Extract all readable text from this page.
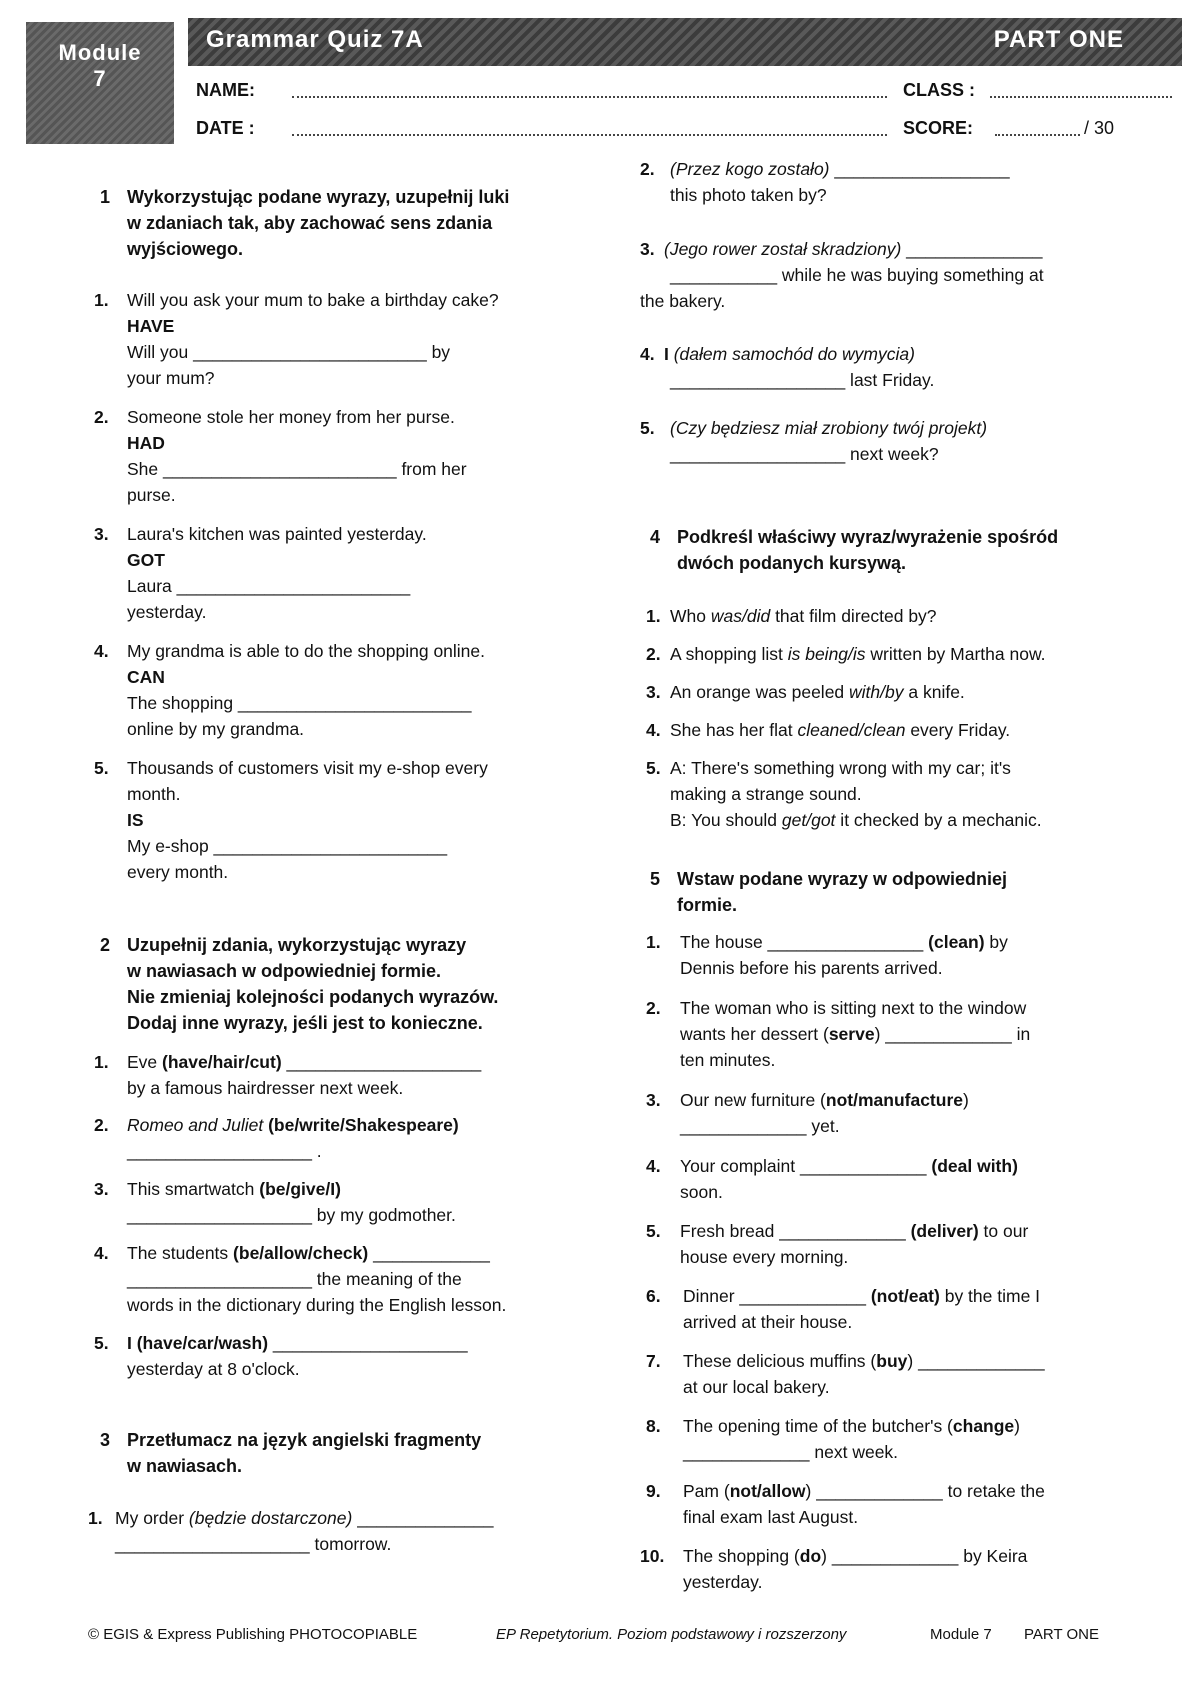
Module
7
Grammar Quiz 7A	PART ONE
NAME:	CLASS :
DATE :	SCORE:	/ 30
1 Wykorzystując podane wyrazy, uzupełnij luki
w zdaniach tak, aby zachować sens zdania
wyjściowego.
1. Will you ask your mum to bake a birthday cake?
HAVE
Will you ________________________ by
your mum?
2. Someone stole her money from her purse.
HAD
She ________________________ from her
purse.
3. Laura's kitchen was painted yesterday.
GOT
Laura ________________________
yesterday.
4. My grandma is able to do the shopping online.
CAN
The shopping ________________________
online by my grandma.
5. Thousands of customers visit my e-shop every
month.
IS
My e-shop ________________________
every month.
2 Uzupełnij zdania, wykorzystując wyrazy
w nawiasach w odpowiedniej formie.
Nie zmieniaj kolejności podanych wyrazów.
Dodaj inne wyrazy, jeśli jest to konieczne.
1. Eve (have/hair/cut) ____________________
by a famous hairdresser next week.
2. Romeo and Juliet (be/write/Shakespeare)
___________________ .
3. This smartwatch (be/give/I)
___________________ by my godmother.
4. The students (be/allow/check) ____________
___________________ the meaning of the
words in the dictionary during the English lesson.
5. I (have/car/wash) ____________________
yesterday at 8 o'clock.
3 Przetłumacz na język angielski fragmenty
w nawiasach.
1. My order (będzie dostarczone) ______________
____________________ tomorrow.
2. (Przez kogo zostało) __________________
this photo taken by?
3. (Jego rower został skradziony) ______________
___________ while he was buying something at
the bakery.
4. I (dałem samochód do wymycia)
__________________ last Friday.
5. (Czy będziesz miał zrobiony twój projekt)
__________________ next week?
4 Podkreśl właściwy wyraz/wyrażenie spośród
dwóch podanych kursywą.
1. Who was/did that film directed by?
2. A shopping list is being/is written by Martha now.
3. An orange was peeled with/by a knife.
4. She has her flat cleaned/clean every Friday.
5. A: There's something wrong with my car; it's
making a strange sound.
B: You should get/got it checked by a mechanic.
5 Wstaw podane wyrazy w odpowiedniej
formie.
1. The house ________________ (clean) by
Dennis before his parents arrived.
2. The woman who is sitting next to the window
wants her dessert (serve) _____________ in
ten minutes.
3. Our new furniture (not/manufacture)
_____________ yet.
4. Your complaint _____________ (deal with)
soon.
5. Fresh bread _____________ (deliver) to our
house every morning.
6. Dinner _____________ (not/eat) by the time I
arrived at their house.
7. These delicious muffins (buy) _____________
at our local bakery.
8. The opening time of the butcher's (change)
_____________ next week.
9. Pam (not/allow) _____________ to retake the
final exam last August.
10. The shopping (do) _____________ by Keira
yesterday.
© EGIS & Express Publishing PHOTOCOPIABLE	EP Repetytorium. Poziom podstawowy i rozszerzony	Module 7 PART ONE
